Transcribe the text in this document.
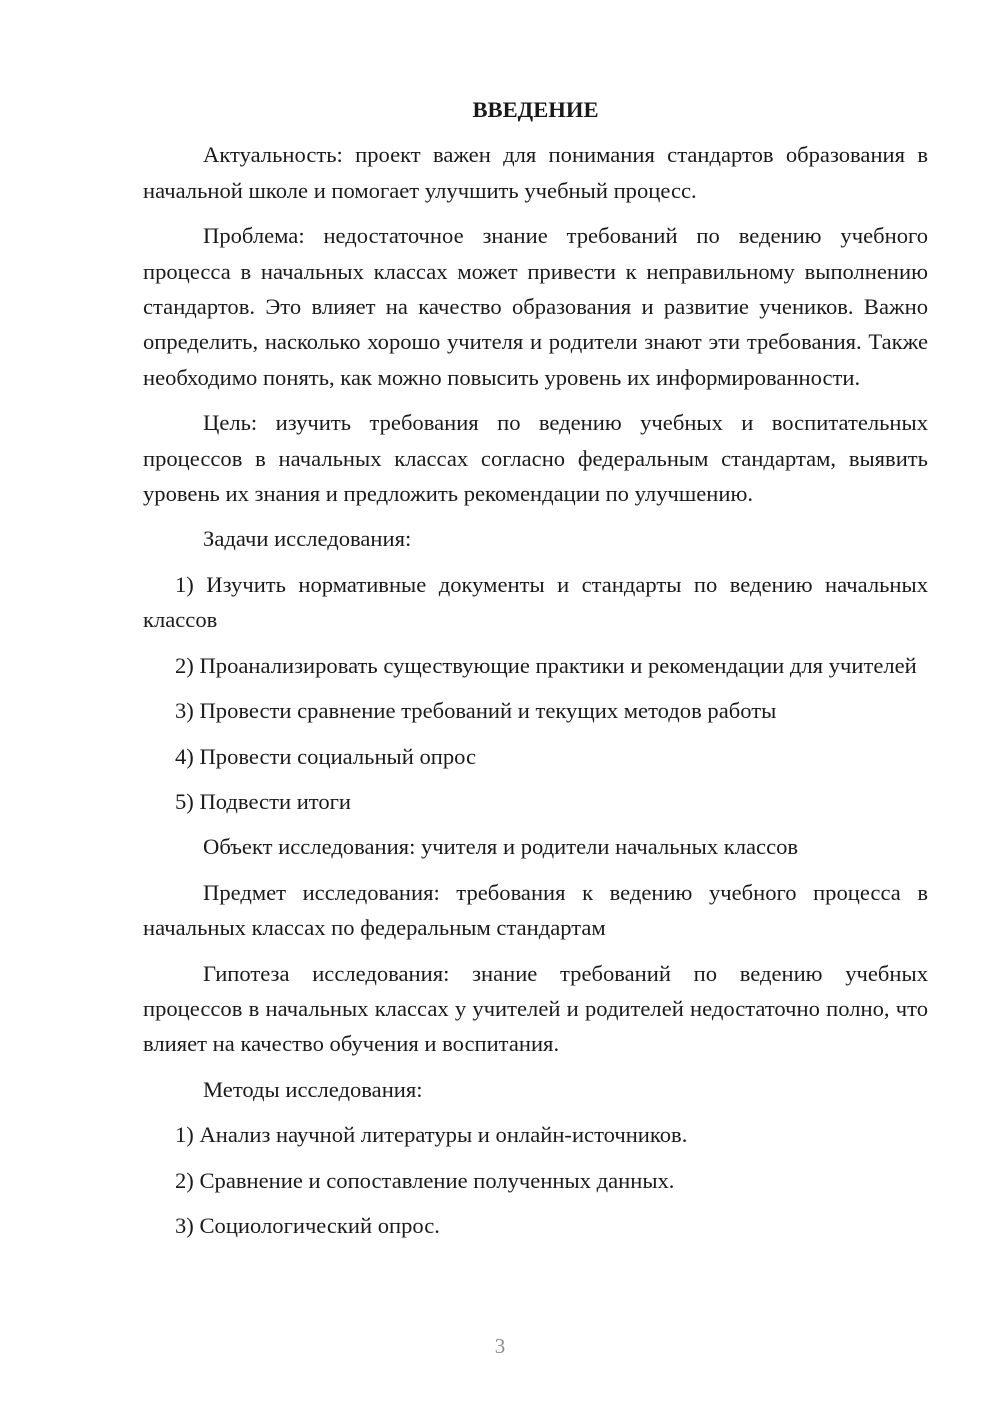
ВВЕДЕНИЕ

Актуальность: проект важен для понимания стандартов образования в начальной школе и помогает улучшить учебный процесс.

Проблема: недостаточное знание требований по ведению учебного процесса в начальных классах может привести к неправильному выполнению стандартов. Это влияет на качество образования и развитие учеников. Важно определить, насколько хорошо учителя и родители знают эти требования. Также необходимо понять, как можно повысить уровень их информированности.

Цель: изучить требования по ведению учебных и воспитательных процессов в начальных классах согласно федеральным стандартам, выявить уровень их знания и предложить рекомендации по улучшению.

Задачи исследования:

1) Изучить нормативные документы и стандарты по ведению начальных классов

2) Проанализировать существующие практики и рекомендации для учителей

3) Провести сравнение требований и текущих методов работы

4) Провести социальный опрос

5) Подвести итоги

Объект исследования: учителя и родители начальных классов

Предмет исследования: требования к ведению учебного процесса в начальных классах по федеральным стандартам

Гипотеза исследования: знание требований по ведению учебных процессов в начальных классах у учителей и родителей недостаточно полно, что влияет на качество обучения и воспитания.

Методы исследования:

1) Анализ научной литературы и онлайн-источников.

2) Сравнение и сопоставление полученных данных.

3) Социологический опрос.

3
